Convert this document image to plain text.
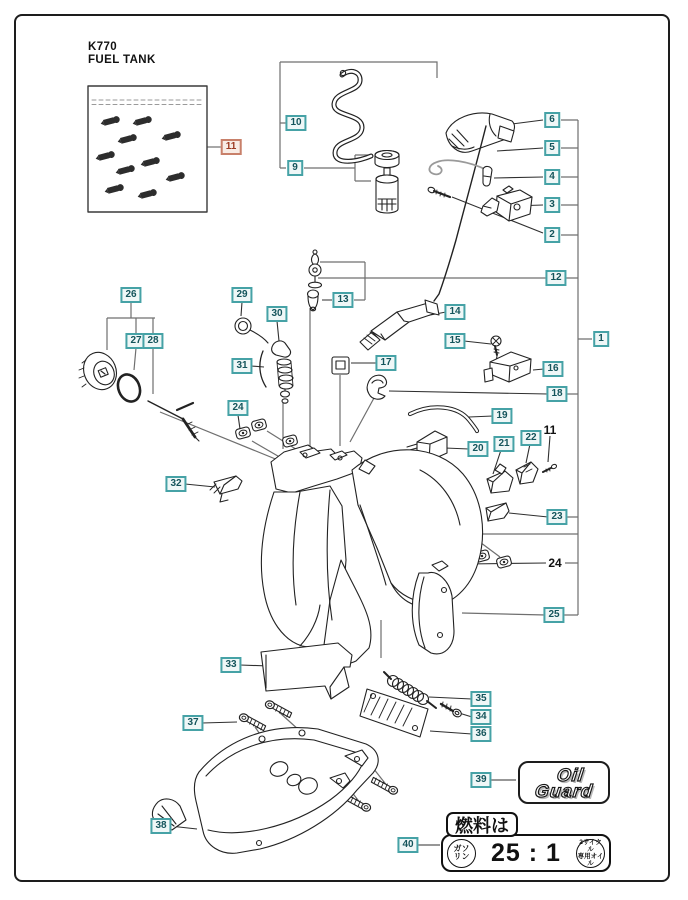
K770
FUEL TANK
11
10
9
6
5
4
3
2
12
1
13
29
30
26
27 28
31
24
14
15
17
16
18
19
20	21
22
11
23
24
25
32
33
35
34
36
37
38
39
40
Oil
Guard
燃料は
ガソ
リン 25 : 1	2サイクル
専用オイル
